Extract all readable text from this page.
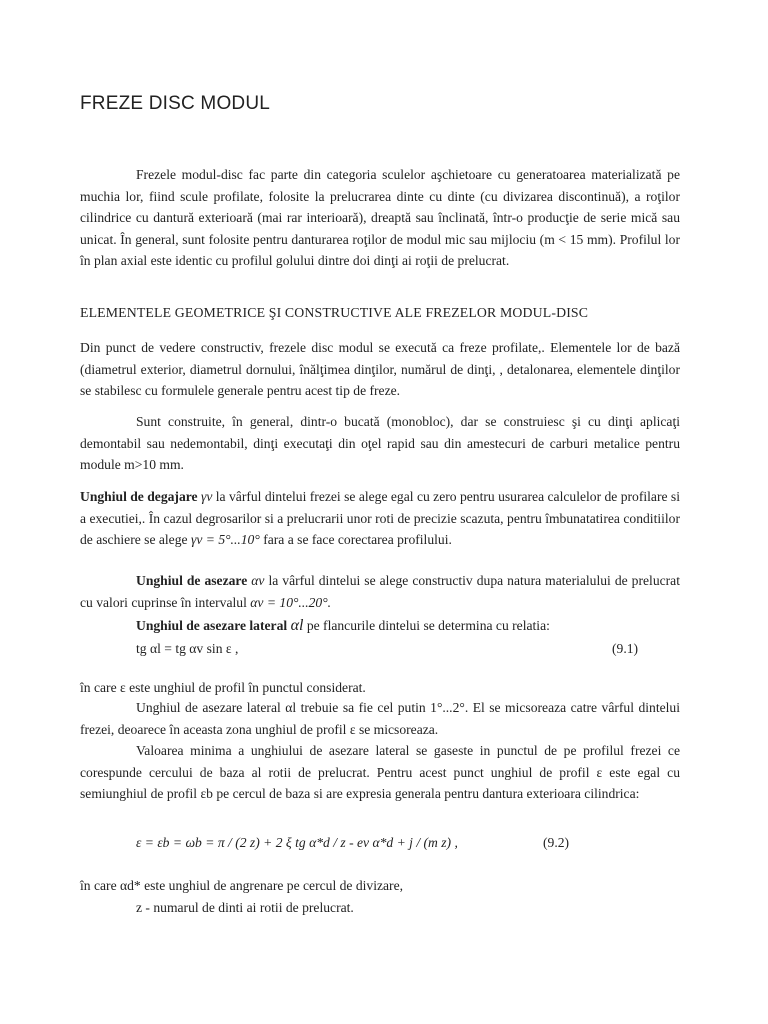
FREZE DISC MODUL

Frezele modul-disc fac parte din categoria sculelor aşchietoare cu generatoarea materializată pe muchia lor, fiind scule profilate, folosite la prelucrarea dinte cu dinte (cu divizarea discontinuă), a roţilor cilindrice cu dantură exterioară (mai rar interioară), dreaptă sau înclinată, într-o producţie de serie mică sau unicat. În general, sunt folosite pentru danturarea roţilor de modul mic sau mijlociu (m < 15 mm). Profilul lor în plan axial este identic cu profilul golului dintre doi dinţi ai roţii de prelucrat.

ELEMENTELE GEOMETRICE ŞI CONSTRUCTIVE ALE FREZELOR MODUL-DISC

Din punct de vedere constructiv, frezele disc modul se execută ca freze profilate,. Elementele lor de bază (diametrul exterior, diametrul dornului, înălţimea dinţilor, numărul de dinţi, , detalonarea, elementele dinţilor se stabilesc cu formulele generale pentru acest tip de freze.

Sunt construite, în general, dintr-o bucată (monobloc), dar se construiesc şi cu dinţi aplicaţi demontabil sau nedemontabil, dinţi executaţi din oţel rapid sau din amestecuri de carburi metalice pentru module m>10 mm.

Unghiul de degajare γv la vârful dintelui frezei se alege egal cu zero pentru usurarea calculelor de profilare si a executiei,. În cazul degrosarilor si a prelucrarii unor roti de precizie scazuta, pentru îmbunatatirea conditiilor de aschiere se alege γv = 5°...10° fara a se face corectarea profilului.

Unghiul de asezare αv la vârful dintelui se alege constructiv dupa natura materialului de prelucrat cu valori cuprinse în intervalul αv = 10°...20°.

Unghiul de asezare lateral αl pe flancurile dintelui se determina cu relatia:
tg αl = tg αv sin ε ,	(9.1)
în care ε este unghiul de profil în punctul considerat.

Unghiul de asezare lateral αl trebuie sa fie cel putin 1°...2°. El se micsoreaza catre vârful dintelui frezei, deoarece în aceasta zona unghiul de profil ε se micsoreaza.

Valoarea minima a unghiului de asezare lateral se gaseste in punctul de pe profilul frezei ce corespunde cercului de baza al rotii de prelucrat. Pentru acest punct unghiul de profil ε este egal cu semiunghiul de profil εb pe cercul de baza si are expresia generala pentru dantura exterioara cilindrica:

ε = εb = ωb = π / (2 z) + 2 ξ tg α*d / z - ev α*d + j / (m z) ,	(9.2)
în care αd* este unghiul de angrenare pe cercul de divizare,
z - numarul de dinti ai rotii de prelucrat.
